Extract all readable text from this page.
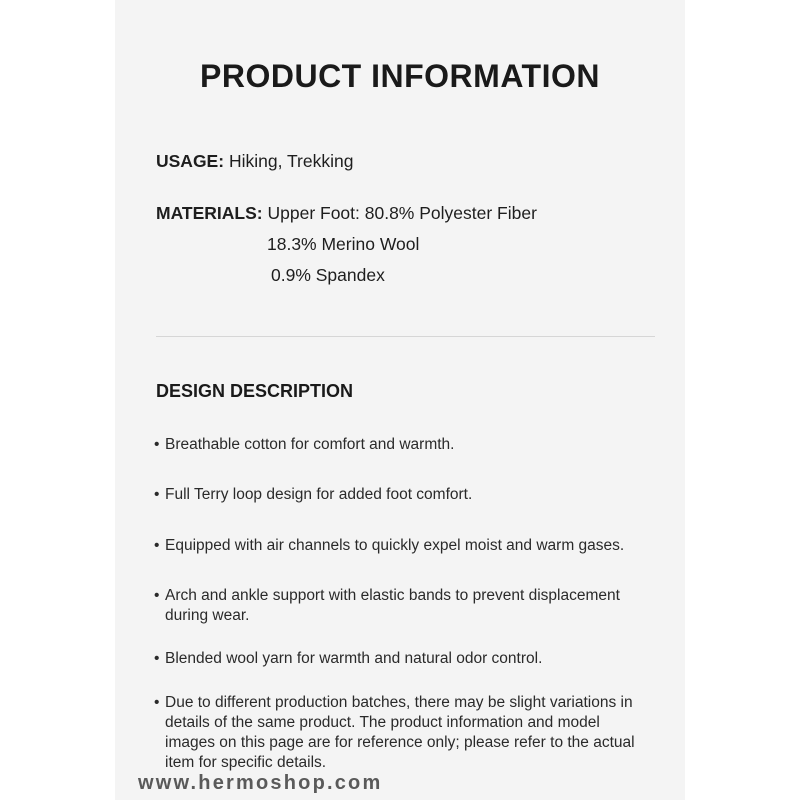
PRODUCT INFORMATION
USAGE: Hiking, Trekking
MATERIALS: Upper Foot: 80.8% Polyester Fiber
18.3% Merino Wool
0.9% Spandex
DESIGN DESCRIPTION
• Breathable cotton for comfort and warmth.
• Full Terry loop design for added foot comfort.
• Equipped with air channels to quickly expel moist and warm gases.
• Arch and ankle support with elastic bands to prevent displacement during wear.
• Blended wool yarn for warmth and natural odor control.
• Due to different production batches, there may be slight variations in details of the same product. The product information and model images on this page are for reference only; please refer to the actual item for specific details.
www.hermoshop.com
